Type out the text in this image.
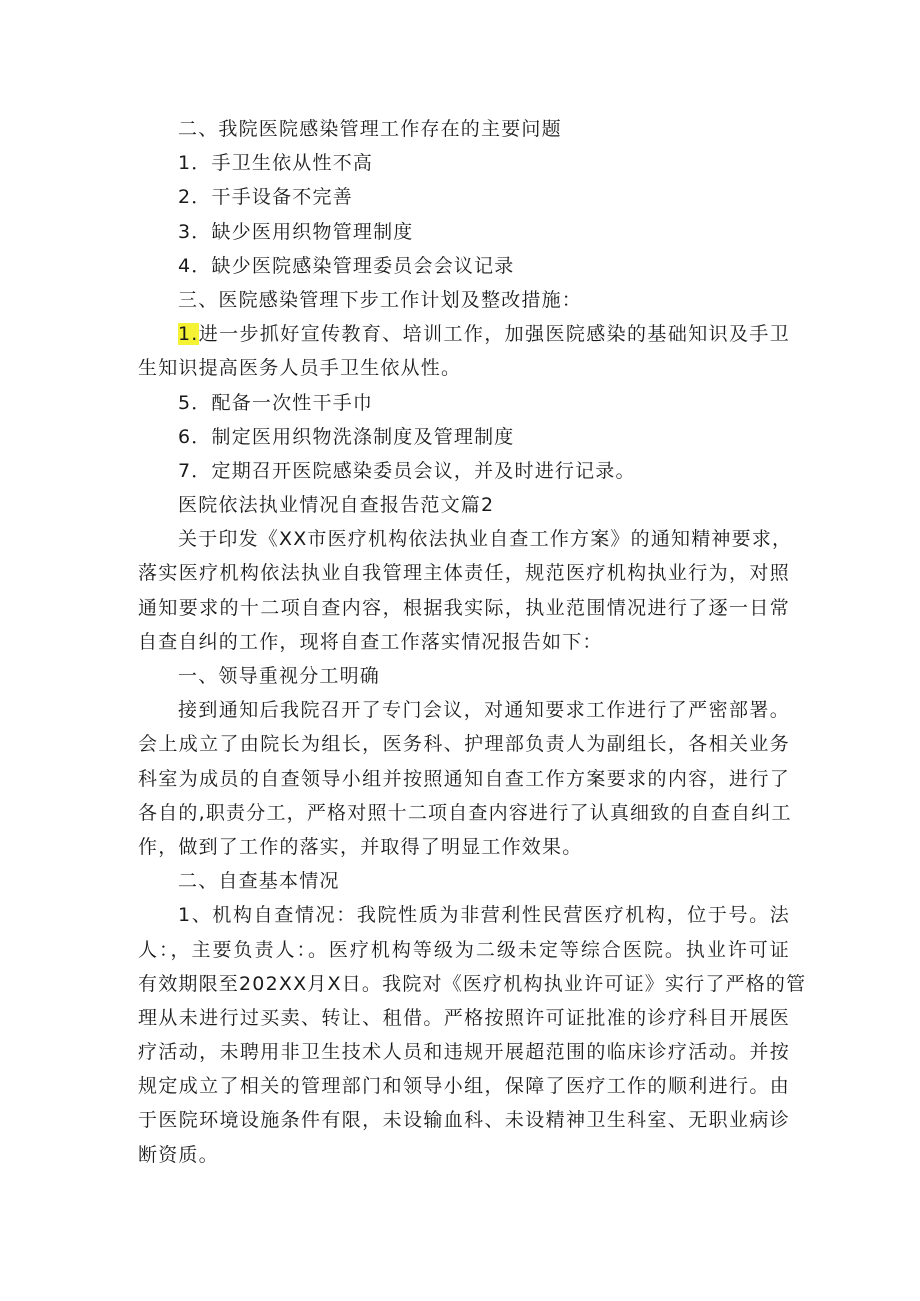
二、我院医院感染管理工作存在的主要问题
1．手卫生依从性不高
2．干手设备不完善
3．缺少医用织物管理制度
4．缺少医院感染管理委员会会议记录
三、医院感染管理下步工作计划及整改措施：
1.进一步抓好宣传教育、培训工作，加强医院感染的基础知识及手卫
生知识提高医务人员手卫生依从性。
5．配备一次性干手巾
6．制定医用织物洗涤制度及管理制度
7．定期召开医院感染委员会议，并及时进行记录。
医院依法执业情况自查报告范文篇2
关于印发《XX市医疗机构依法执业自查工作方案》的通知精神要求，
落实医疗机构依法执业自我管理主体责任，规范医疗机构执业行为，对照
通知要求的十二项自查内容，根据我实际，执业范围情况进行了逐一日常
自查自纠的工作，现将自查工作落实情况报告如下：
一、领导重视分工明确
接到通知后我院召开了专门会议，对通知要求工作进行了严密部署。
会上成立了由院长为组长，医务科、护理部负责人为副组长，各相关业务
科室为成员的自查领导小组并按照通知自查工作方案要求的内容，进行了
各自的,职责分工，严格对照十二项自查内容进行了认真细致的自查自纠工
作，做到了工作的落实，并取得了明显工作效果。
二、自查基本情况
1、机构自查情况：我院性质为非营利性民营医疗机构，位于号。法
人：，主要负责人：。医疗机构等级为二级未定等综合医院。执业许可证
有效期限至202XX月X日。我院对《医疗机构执业许可证》实行了严格的管
理从未进行过买卖、转让、租借。严格按照许可证批准的诊疗科目开展医
疗活动，未聘用非卫生技术人员和违规开展超范围的临床诊疗活动。并按
规定成立了相关的管理部门和领导小组，保障了医疗工作的顺利进行。由
于医院环境设施条件有限，未设输血科、未设精神卫生科室、无职业病诊
断资质。
